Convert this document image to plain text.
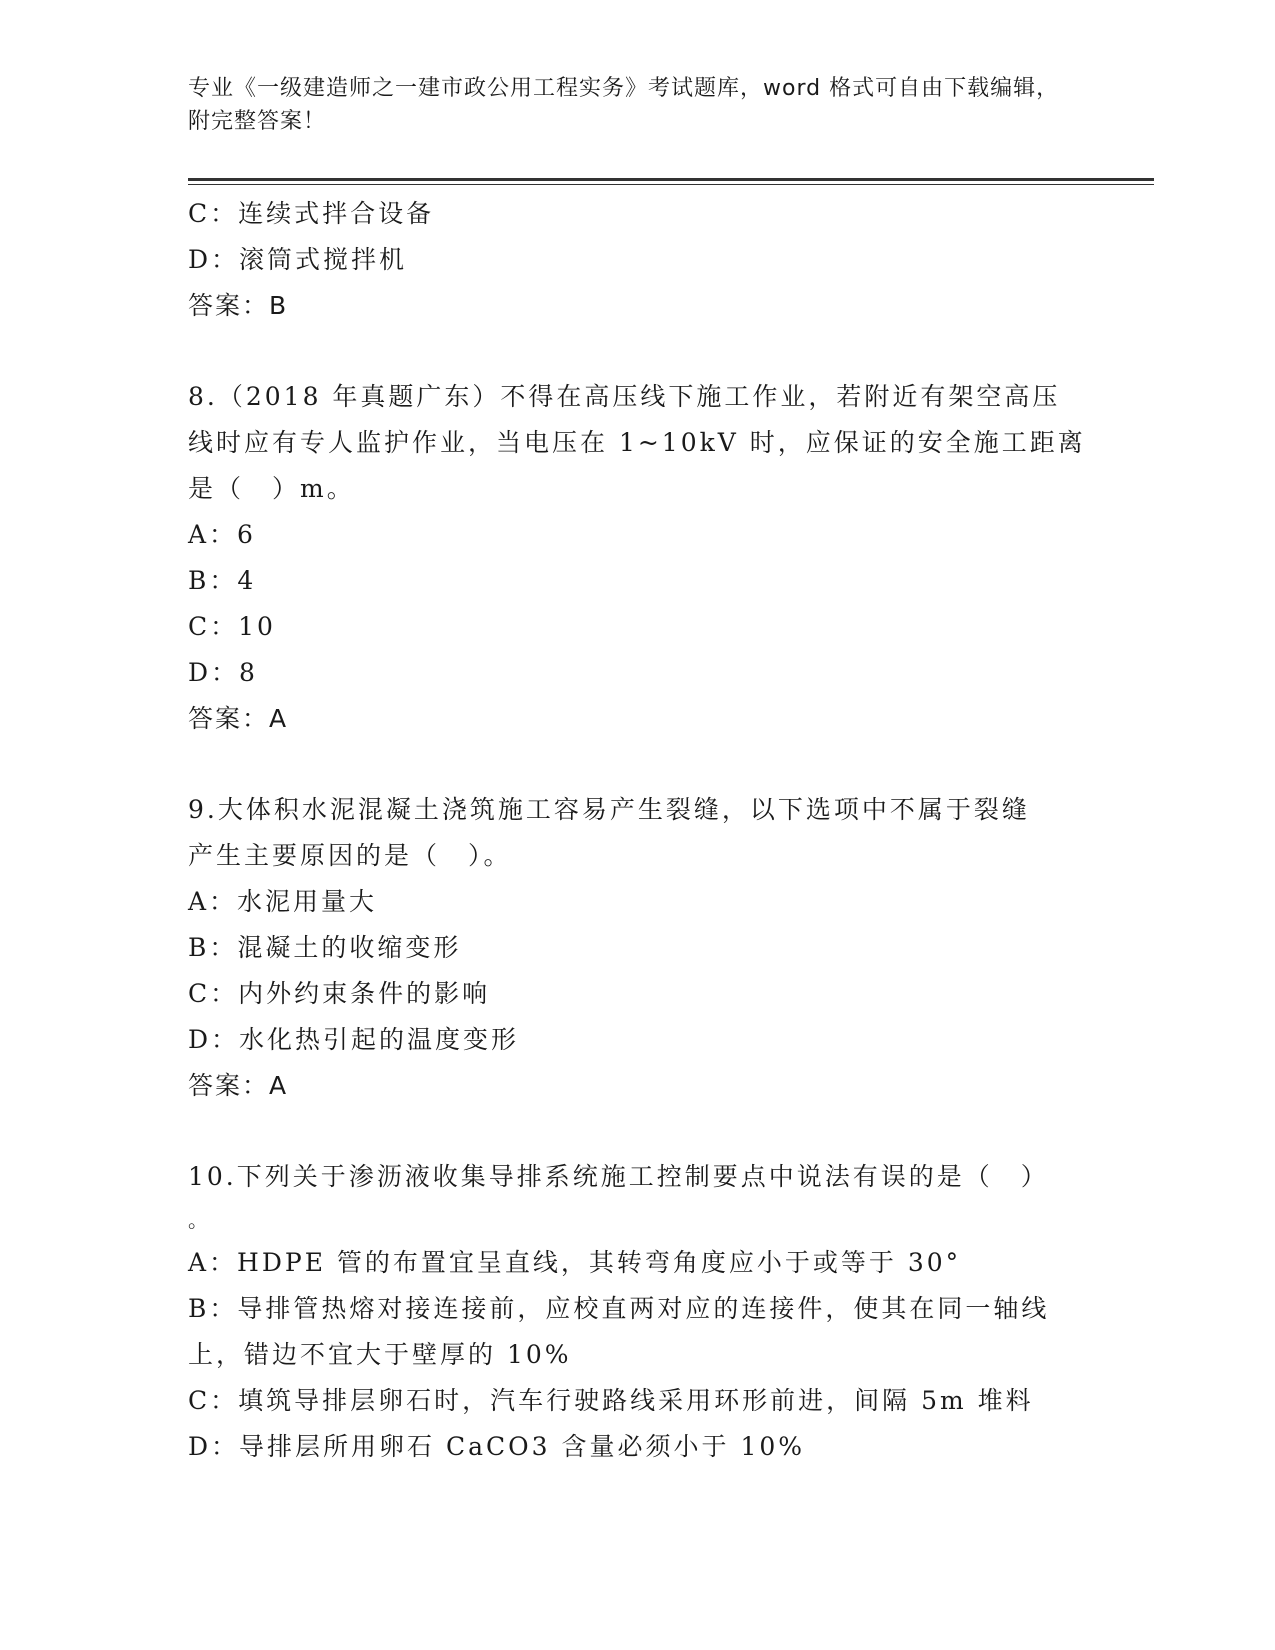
专业《一级建造师之一建市政公用工程实务》考试题库，word 格式可自由下载编辑，附完整答案！
C：连续式拌合设备
D：滚筒式搅拌机
答案：B
8.（2018 年真题广东）不得在高压线下施工作业，若附近有架空高压
线时应有专人监护作业，当电压在 1~10kV 时，应保证的安全施工距离
是（　）m。
A：6
B：4
C：10
D：8
答案：A
9.大体积水泥混凝土浇筑施工容易产生裂缝，以下选项中不属于裂缝
产生主要原因的是（　）。
A：水泥用量大
B：混凝土的收缩变形
C：内外约束条件的影响
D：水化热引起的温度变形
答案：A
10.下列关于渗沥液收集导排系统施工控制要点中说法有误的是（　）
。
A：HDPE 管的布置宜呈直线，其转弯角度应小于或等于 30°
B：导排管热熔对接连接前，应校直两对应的连接件，使其在同一轴线
上，错边不宜大于壁厚的 10%
C：填筑导排层卵石时，汽车行驶路线采用环形前进，间隔 5m 堆料
D：导排层所用卵石 CaCO3 含量必须小于 10%
